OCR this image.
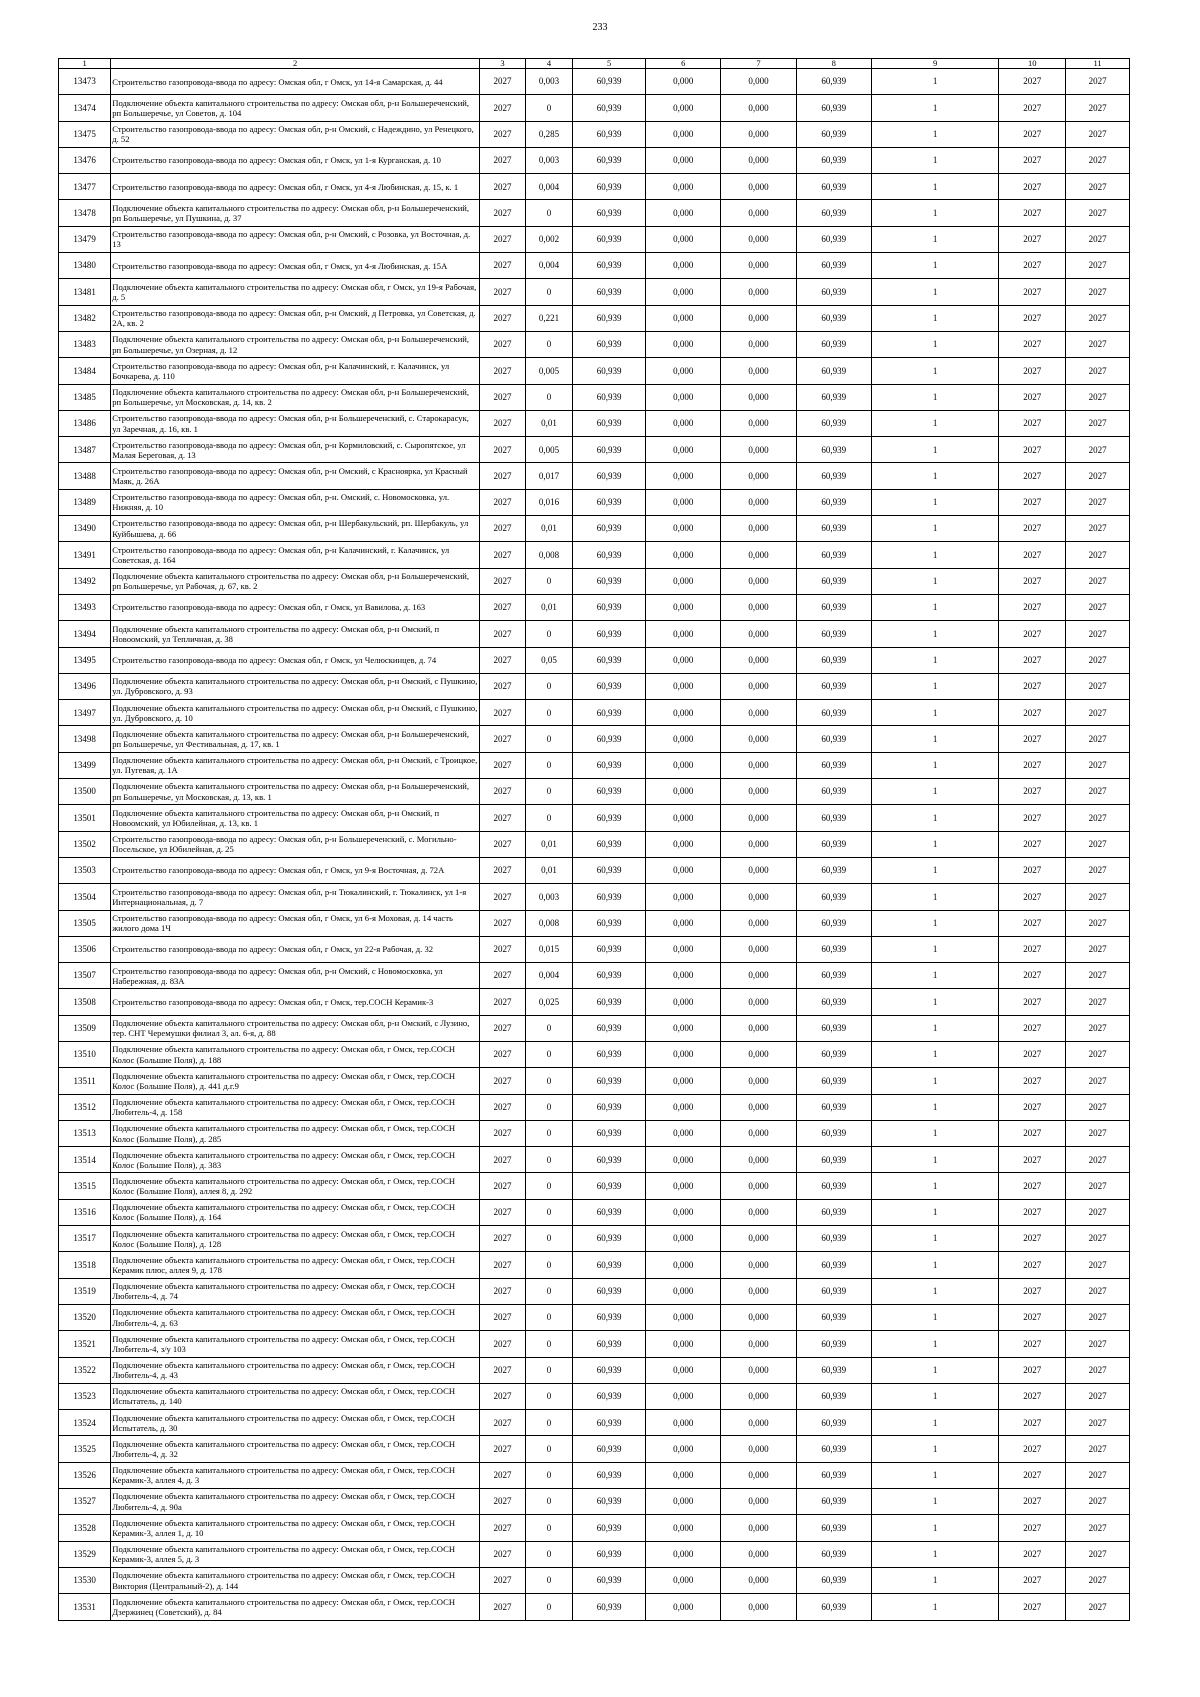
233
1	2	3	4	5	6	7	8	9	10	11
13473	Строительство газопровода-ввода по адресу: Омская обл, г Омск, ул 14-я Самарская, д. 44	2027	0,003	60,939	0,000	0,000	60,939	1	2027	2027
13474	Подключение объекта капитального строительства по адресу: Омская обл, р-н Большереченский, рп Большеречье, ул Советов, д. 104	2027	0	60,939	0,000	0,000	60,939	1	2027	2027
13475	Строительство газопровода-ввода по адресу: Омская обл, р-н Омский, с Надеждино, ул Ренецкого, д. 52	2027	0,285	60,939	0,000	0,000	60,939	1	2027	2027
13476	Строительство газопровода-ввода по адресу: Омская обл, г Омск, ул 1-я Курганская, д. 10	2027	0,003	60,939	0,000	0,000	60,939	1	2027	2027
13477	Строительство газопровода-ввода по адресу: Омская обл, г Омск, ул 4-я Любинская, д. 15, к. 1	2027	0,004	60,939	0,000	0,000	60,939	1	2027	2027
13478	Подключение объекта капитального строительства по адресу: Омская обл, р-н Большереченский, рп Большеречье, ул Пушкина, д. 37	2027	0	60,939	0,000	0,000	60,939	1	2027	2027
13479	Строительство газопровода-ввода по адресу: Омская обл, р-н Омский, с Розовка, ул Восточная, д. 13	2027	0,002	60,939	0,000	0,000	60,939	1	2027	2027
13480	Строительство газопровода-ввода по адресу: Омская обл, г Омск, ул 4-я Любинская, д. 15А	2027	0,004	60,939	0,000	0,000	60,939	1	2027	2027
13481	Подключение объекта капитального строительства по адресу: Омская обл, г Омск, ул 19-я Рабочая, д. 5	2027	0	60,939	0,000	0,000	60,939	1	2027	2027
13482	Строительство газопровода-ввода по адресу: Омская обл, р-н Омский, д Петровка, ул Советская, д. 2А, кв. 2	2027	0,221	60,939	0,000	0,000	60,939	1	2027	2027
13483	Подключение объекта капитального строительства по адресу: Омская обл, р-н Большереченский, рп Большеречье, ул Озерная, д. 12	2027	0	60,939	0,000	0,000	60,939	1	2027	2027
13484	Строительство газопровода-ввода по адресу: Омская обл, р-н Калачинский, г. Калачинск, ул Бочкарева, д. 110	2027	0,005	60,939	0,000	0,000	60,939	1	2027	2027
13485	Подключение объекта капитального строительства по адресу: Омская обл, р-н Большереченский, рп Большеречье, ул Московская, д. 14, кв. 2	2027	0	60,939	0,000	0,000	60,939	1	2027	2027
13486	Строительство газопровода-ввода по адресу: Омская обл, р-н Большереченский, с. Старокарасук, ул Заречная, д. 16, кв. 1	2027	0,01	60,939	0,000	0,000	60,939	1	2027	2027
13487	Строительство газопровода-ввода по адресу: Омская обл, р-н Кормиловский, с. Сыропятское, ул Малая Береговая, д. 13	2027	0,005	60,939	0,000	0,000	60,939	1	2027	2027
13488	Строительство газопровода-ввода по адресу: Омская обл, р-н Омский, с Красноярка, ул Красный Маяк, д. 26А	2027	0,017	60,939	0,000	0,000	60,939	1	2027	2027
13489	Строительство газопровода-ввода по адресу: Омская обл, р-н. Омский, с. Новомосковка, ул. Нижняя, д. 10	2027	0,016	60,939	0,000	0,000	60,939	1	2027	2027
13490	Строительство газопровода-ввода по адресу: Омская обл, р-н Шербакульский, рп. Шербакуль, ул Куйбышева, д. 66	2027	0,01	60,939	0,000	0,000	60,939	1	2027	2027
13491	Строительство газопровода-ввода по адресу: Омская обл, р-н Калачинский, г. Калачинск, ул Советская, д. 164	2027	0,008	60,939	0,000	0,000	60,939	1	2027	2027
13492	Подключение объекта капитального строительства по адресу: Омская обл, р-н Большереченский, рп Большеречье, ул Рабочая, д. 67, кв. 2	2027	0	60,939	0,000	0,000	60,939	1	2027	2027
13493	Строительство газопровода-ввода по адресу: Омская обл, г Омск, ул Вавилова, д. 163	2027	0,01	60,939	0,000	0,000	60,939	1	2027	2027
13494	Подключение объекта капитального строительства по адресу: Омская обл, р-н Омский, п Новоомский, ул Тепличная, д. 38	2027	0	60,939	0,000	0,000	60,939	1	2027	2027
13495	Строительство газопровода-ввода по адресу: Омская обл, г Омск, ул Челюскинцев, д. 74	2027	0,05	60,939	0,000	0,000	60,939	1	2027	2027
13496	Подключение объекта капитального строительства по адресу: Омская обл, р-н Омский, с Пушкино, ул. Дубровского, д. 93	2027	0	60,939	0,000	0,000	60,939	1	2027	2027
13497	Подключение объекта капитального строительства по адресу: Омская обл, р-н Омский, с Пушкино, ул. Дубровского, д. 10	2027	0	60,939	0,000	0,000	60,939	1	2027	2027
13498	Подключение объекта капитального строительства по адресу: Омская обл, р-н Большереченский, рп Большеречье, ул Фестивальная, д. 17, кв. 1	2027	0	60,939	0,000	0,000	60,939	1	2027	2027
13499	Подключение объекта капитального строительства по адресу: Омская обл, р-н Омский, с Троицкое, ул. Пугевая, д. 1А	2027	0	60,939	0,000	0,000	60,939	1	2027	2027
13500	Подключение объекта капитального строительства по адресу: Омская обл, р-н Большереченский, рп Большеречье, ул Московская, д. 13, кв. 1	2027	0	60,939	0,000	0,000	60,939	1	2027	2027
13501	Подключение объекта капитального строительства по адресу: Омская обл, р-н Омский, п Новоомский, ул Юбилейная, д. 13, кв. 1	2027	0	60,939	0,000	0,000	60,939	1	2027	2027
13502	Строительство газопровода-ввода по адресу: Омская обл, р-н Большереченский, с. Могильно-Посельское, ул Юбилейная, д. 25	2027	0,01	60,939	0,000	0,000	60,939	1	2027	2027
13503	Строительство газопровода-ввода по адресу: Омская обл, г Омск, ул 9-я Восточная, д. 72А	2027	0,01	60,939	0,000	0,000	60,939	1	2027	2027
13504	Строительство газопровода-ввода по адресу: Омская обл, р-н Тюкалинский, г. Тюкалинск, ул 1-я Интернациональная, д. 7	2027	0,003	60,939	0,000	0,000	60,939	1	2027	2027
13505	Строительство газопровода-ввода по адресу: Омская обл, г Омск, ул 6-я Моховая, д. 14 часть жилого дома 1Ч	2027	0,008	60,939	0,000	0,000	60,939	1	2027	2027
13506	Строительство газопровода-ввода по адресу: Омская обл, г Омск, ул 22-я Рабочая, д. 32	2027	0,015	60,939	0,000	0,000	60,939	1	2027	2027
13507	Строительство газопровода-ввода по адресу: Омская обл, р-н Омский, с Новомосковка, ул Набережная, д. 83А	2027	0,004	60,939	0,000	0,000	60,939	1	2027	2027
13508	Строительство газопровода-ввода по адресу: Омская обл, г Омск, тер.СОСН Керамик-3	2027	0,025	60,939	0,000	0,000	60,939	1	2027	2027
13509	Подключение объекта капитального строительства по адресу: Омская обл, р-н Омский, с Лузино, тер. СНТ Черемушки филиал 3, ал. 6-я, д. 88	2027	0	60,939	0,000	0,000	60,939	1	2027	2027
13510	Подключение объекта капитального строительства по адресу: Омская обл, г Омск, тер.СОСН Колос (Большие Поля), д. 188	2027	0	60,939	0,000	0,000	60,939	1	2027	2027
13511	Подключение объекта капитального строительства по адресу: Омская обл, г Омск, тер.СОСН Колос (Большие Поля), д. 441 д.г.9	2027	0	60,939	0,000	0,000	60,939	1	2027	2027
13512	Подключение объекта капитального строительства по адресу: Омская обл, г Омск, тер.СОСН Любитель-4, д. 158	2027	0	60,939	0,000	0,000	60,939	1	2027	2027
13513	Подключение объекта капитального строительства по адресу: Омская обл, г Омск, тер.СОСН Колос (Большие Поля), д. 285	2027	0	60,939	0,000	0,000	60,939	1	2027	2027
13514	Подключение объекта капитального строительства по адресу: Омская обл, г Омск, тер.СОСН Колос (Большие Поля), д. 383	2027	0	60,939	0,000	0,000	60,939	1	2027	2027
13515	Подключение объекта капитального строительства по адресу: Омская обл, г Омск, тер.СОСН Колос (Большие Поля), аллея 8, д. 292	2027	0	60,939	0,000	0,000	60,939	1	2027	2027
13516	Подключение объекта капитального строительства по адресу: Омская обл, г Омск, тер.СОСН Колос (Большие Поля), д. 164	2027	0	60,939	0,000	0,000	60,939	1	2027	2027
13517	Подключение объекта капитального строительства по адресу: Омская обл, г Омск, тер.СОСН Колос (Большие Поля), д. 128	2027	0	60,939	0,000	0,000	60,939	1	2027	2027
13518	Подключение объекта капитального строительства по адресу: Омская обл, г Омск, тер.СОСН Керамик плюс, аллея 9, д. 178	2027	0	60,939	0,000	0,000	60,939	1	2027	2027
13519	Подключение объекта капитального строительства по адресу: Омская обл, г Омск, тер.СОСН Любитель-4, д. 74	2027	0	60,939	0,000	0,000	60,939	1	2027	2027
13520	Подключение объекта капитального строительства по адресу: Омская обл, г Омск, тер.СОСН Любитель-4, д. 63	2027	0	60,939	0,000	0,000	60,939	1	2027	2027
13521	Подключение объекта капитального строительства по адресу: Омская обл, г Омск, тер.СОСН Любитель-4, з/у 103	2027	0	60,939	0,000	0,000	60,939	1	2027	2027
13522	Подключение объекта капитального строительства по адресу: Омская обл, г Омск, тер.СОСН Любитель-4, д. 43	2027	0	60,939	0,000	0,000	60,939	1	2027	2027
13523	Подключение объекта капитального строительства по адресу: Омская обл, г Омск, тер.СОСН Испытатель, д. 140	2027	0	60,939	0,000	0,000	60,939	1	2027	2027
13524	Подключение объекта капитального строительства по адресу: Омская обл, г Омск, тер.СОСН Испытатель, д. 30	2027	0	60,939	0,000	0,000	60,939	1	2027	2027
13525	Подключение объекта капитального строительства по адресу: Омская обл, г Омск, тер.СОСН Любитель-4, д. 32	2027	0	60,939	0,000	0,000	60,939	1	2027	2027
13526	Подключение объекта капитального строительства по адресу: Омская обл, г Омск, тер.СОСН Керамик-3, аллея 4, д. 3	2027	0	60,939	0,000	0,000	60,939	1	2027	2027
13527	Подключение объекта капитального строительства по адресу: Омская обл, г Омск, тер.СОСН Любитель-4, д. 90а	2027	0	60,939	0,000	0,000	60,939	1	2027	2027
13528	Подключение объекта капитального строительства по адресу: Омская обл, г Омск, тер.СОСН Керамик-3, аллея 1, д. 10	2027	0	60,939	0,000	0,000	60,939	1	2027	2027
13529	Подключение объекта капитального строительства по адресу: Омская обл, г Омск, тер.СОСН Керамик-3, аллея 5, д. 3	2027	0	60,939	0,000	0,000	60,939	1	2027	2027
13530	Подключение объекта капитального строительства по адресу: Омская обл, г Омск, тер.СОСН Виктория (Центральный-2), д. 144	2027	0	60,939	0,000	0,000	60,939	1	2027	2027
13531	Подключение объекта капитального строительства по адресу: Омская обл, г Омск, тер.СОСН Дзержинец (Советский), д. 84	2027	0	60,939	0,000	0,000	60,939	1	2027	2027
